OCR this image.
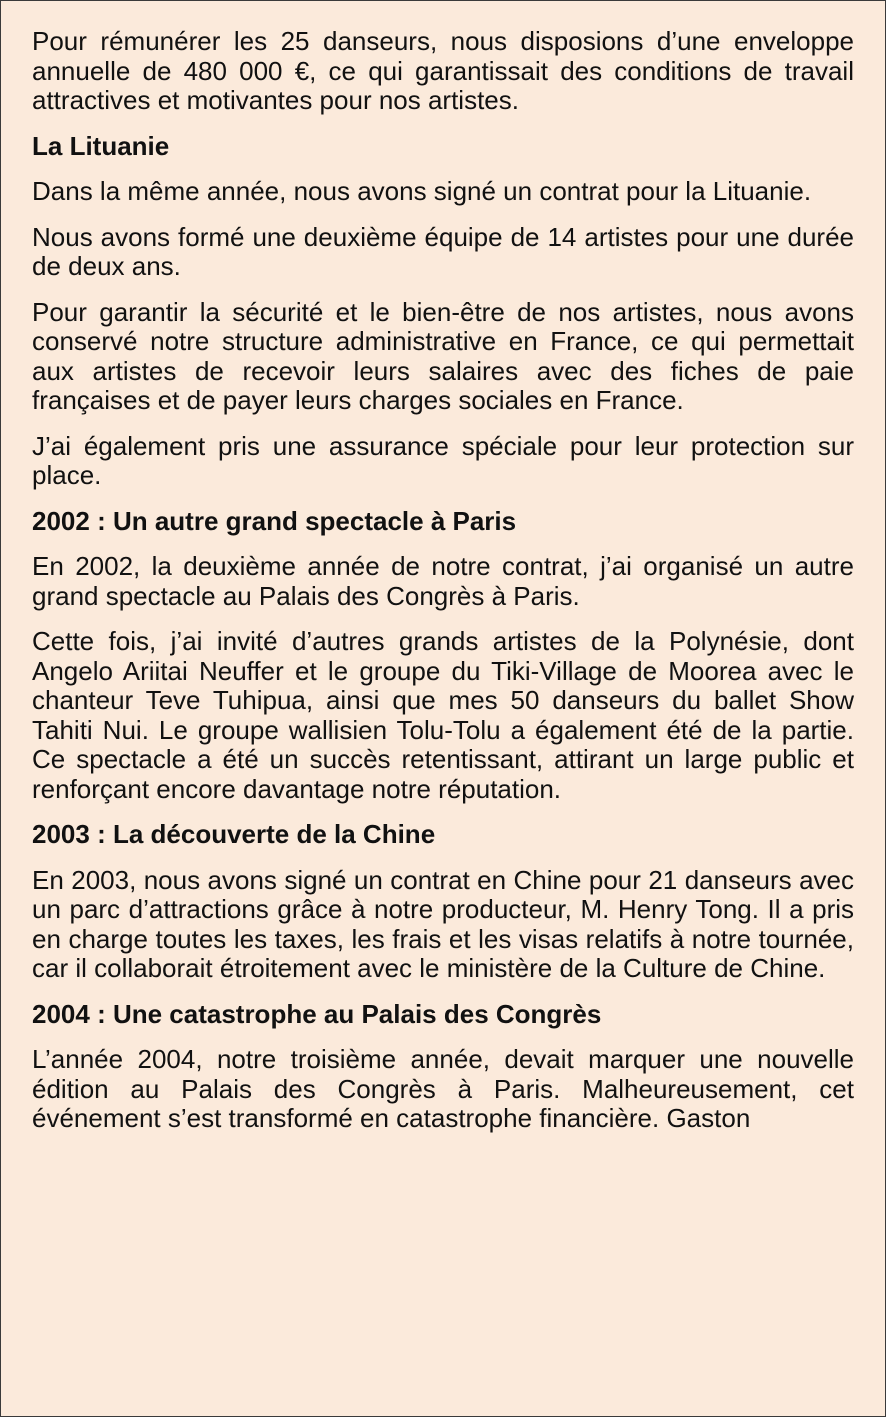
Pour rémunérer les 25 danseurs, nous disposions d’une enveloppe annuelle de 480 000 €, ce qui garantissait des conditions de travail attractives et motivantes pour nos artistes.

La Lituanie

Dans la même année, nous avons signé un contrat pour la Lituanie.

Nous avons formé une deuxième équipe de 14 artistes pour une durée de deux ans.

Pour garantir la sécurité et le bien-être de nos artistes, nous avons conservé notre structure administrative en France, ce qui permettait aux artistes de recevoir leurs salaires avec des fiches de paie françaises et de payer leurs charges sociales en France.

J’ai également pris une assurance spéciale pour leur protection sur place.

2002 : Un autre grand spectacle à Paris

En 2002, la deuxième année de notre contrat, j’ai organisé un autre grand spectacle au Palais des Congrès à Paris.

Cette fois, j’ai invité d’autres grands artistes de la Polynésie, dont Angelo Ariitai Neuffer et le groupe du Tiki-Village de Moorea avec le chanteur Teve Tuhipua, ainsi que mes 50 danseurs du ballet Show Tahiti Nui. Le groupe wallisien Tolu-Tolu a également été de la partie. Ce spectacle a été un succès retentissant, attirant un large public et renforçant encore davantage notre réputation.

2003 : La découverte de la Chine

En 2003, nous avons signé un contrat en Chine pour 21 danseurs avec un parc d’attractions grâce à notre producteur, M. Henry Tong. Il a pris en charge toutes les taxes, les frais et les visas relatifs à notre tournée, car il collaborait étroitement avec le ministère de la Culture de Chine.

2004 : Une catastrophe au Palais des Congrès

L’année 2004, notre troisième année, devait marquer une nouvelle édition au Palais des Congrès à Paris. Malheureusement, cet événement s’est transformé en catastrophe financière. Gaston
